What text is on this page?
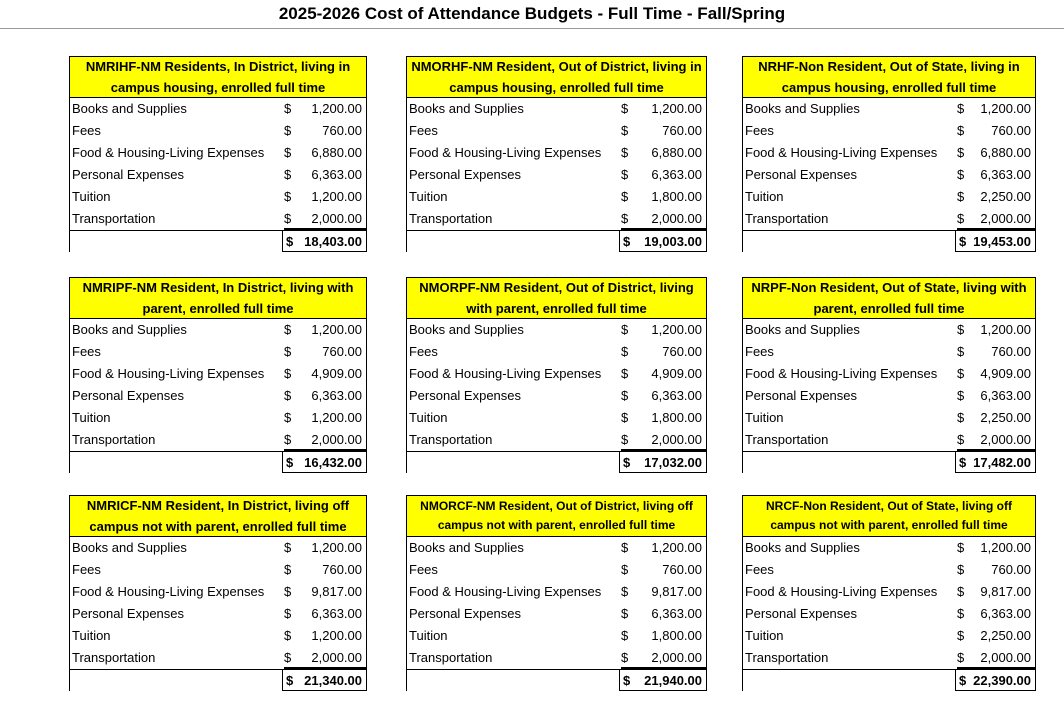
2025-2026 Cost of Attendance Budgets - Full Time - Fall/Spring
NMRIHF-NM Residents, In District, living in campus housing, enrolled full time
Books and Supplies	$	1,200.00
Fees	$	760.00
Food & Housing-Living Expenses	$	6,880.00
Personal Expenses	$	6,363.00
Tuition	$	1,200.00
Transportation	$	2,000.00
$ 18,403.00
NMORHF-NM Resident, Out of District, living in campus housing, enrolled full time
Books and Supplies	$	1,200.00
Fees	$	760.00
Food & Housing-Living Expenses	$	6,880.00
Personal Expenses	$	6,363.00
Tuition	$	1,800.00
Transportation	$	2,000.00
$	19,003.00
NRHF-Non Resident, Out of State, living in campus housing, enrolled full time
Books and Supplies	$	1,200.00
Fees	$	760.00
Food & Housing-Living Expenses	$	6,880.00
Personal Expenses	$	6,363.00
Tuition	$	2,250.00
Transportation	$	2,000.00
$ 19,453.00
NMRIPF-NM Resident, In District, living with parent, enrolled full time
Books and Supplies	$	1,200.00
Fees	$	760.00
Food & Housing-Living Expenses	$	4,909.00
Personal Expenses	$	6,363.00
Tuition	$	1,200.00
Transportation	$	2,000.00
$ 16,432.00
NMORPF-NM Resident, Out of District, living with parent, enrolled full time
Books and Supplies	$	1,200.00
Fees	$	760.00
Food & Housing-Living Expenses	$	4,909.00
Personal Expenses	$	6,363.00
Tuition	$	1,800.00
Transportation	$	2,000.00
$	17,032.00
NRPF-Non Resident, Out of State, living with parent, enrolled full time
Books and Supplies	$	1,200.00
Fees	$	760.00
Food & Housing-Living Expenses	$	4,909.00
Personal Expenses	$	6,363.00
Tuition	$	2,250.00
Transportation	$	2,000.00
$ 17,482.00
NMRICF-NM Resident, In District, living off campus not with parent, enrolled full time
Books and Supplies	$	1,200.00
Fees	$	760.00
Food & Housing-Living Expenses	$	9,817.00
Personal Expenses	$	6,363.00
Tuition	$	1,200.00
Transportation	$	2,000.00
$ 21,340.00
NMORCF-NM Resident, Out of District, living off campus not with parent, enrolled full time
Books and Supplies	$	1,200.00
Fees	$	760.00
Food & Housing-Living Expenses	$	9,817.00
Personal Expenses	$	6,363.00
Tuition	$	1,800.00
Transportation	$	2,000.00
$	21,940.00
NRCF-Non Resident, Out of State, living off campus not with parent, enrolled full time
Books and Supplies	$	1,200.00
Fees	$	760.00
Food & Housing-Living Expenses	$	9,817.00
Personal Expenses	$	6,363.00
Tuition	$	2,250.00
Transportation	$	2,000.00
$ 22,390.00
